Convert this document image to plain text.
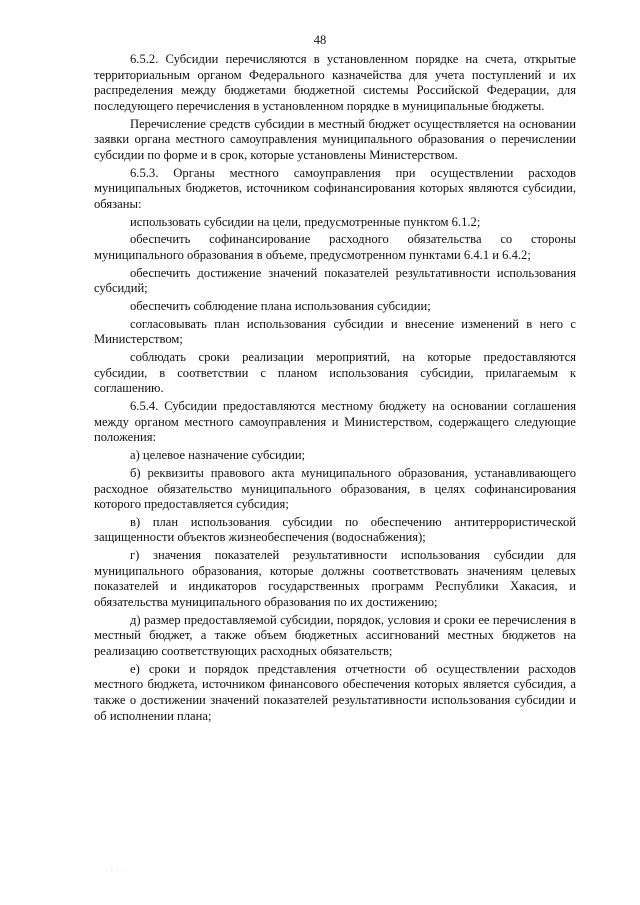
48

6.5.2. Субсидии перечисляются в установленном порядке на счета, открытые территориальным органом Федерального казначейства для учета поступлений и их распределения между бюджетами бюджетной системы Российской Федерации, для последующего перечисления в установленном порядке в муниципальные бюджеты.

Перечисление средств субсидии в местный бюджет осуществляется на основании заявки органа местного самоуправления муниципального образования о перечислении субсидии по форме и в срок, которые установлены Министерством.

6.5.3. Органы местного самоуправления при осуществлении расходов муниципальных бюджетов, источником софинансирования которых являются субсидии, обязаны:

использовать субсидии на цели, предусмотренные пунктом 6.1.2;

обеспечить софинансирование расходного обязательства со стороны муниципального образования в объеме, предусмотренном пунктами 6.4.1 и 6.4.2;

обеспечить достижение значений показателей результативности использования субсидий;

обеспечить соблюдение плана использования субсидии;

согласовывать план использования субсидии и внесение изменений в него с Министерством;

соблюдать сроки реализации мероприятий, на которые предоставляются субсидии, в соответствии с планом использования субсидии, прилагаемым к соглашению.

6.5.4. Субсидии предоставляются местному бюджету на основании соглашения между органом местного самоуправления и Министерством, содержащего следующие положения:

а) целевое назначение субсидии;

б) реквизиты правового акта муниципального образования, устанавливающего расходное обязательство муниципального образования, в целях софинансирования которого предоставляется субсидия;

в) план использования субсидии по обеспечению антитеррористической защищенности объектов жизнеобеспечения (водоснабжения);

г) значения показателей результативности использования субсидии для муниципального образования, которые должны соответствовать значениям целевых показателей и индикаторов государственных программ Республики Хакасия, и обязательства муниципального образования по их достижению;

д) размер предоставляемой субсидии, порядок, условия и сроки ее перечисления в местный бюджет, а также объем бюджетных ассигнований местных бюджетов на реализацию соответствующих расходных обязательств;

е) сроки и порядок представления отчетности об осуществлении расходов местного бюджета, источником финансового обеспечения которых является субсидия, а также о достижении значений показателей результативности использования субсидии и об исполнении плана;

· · : · ·
